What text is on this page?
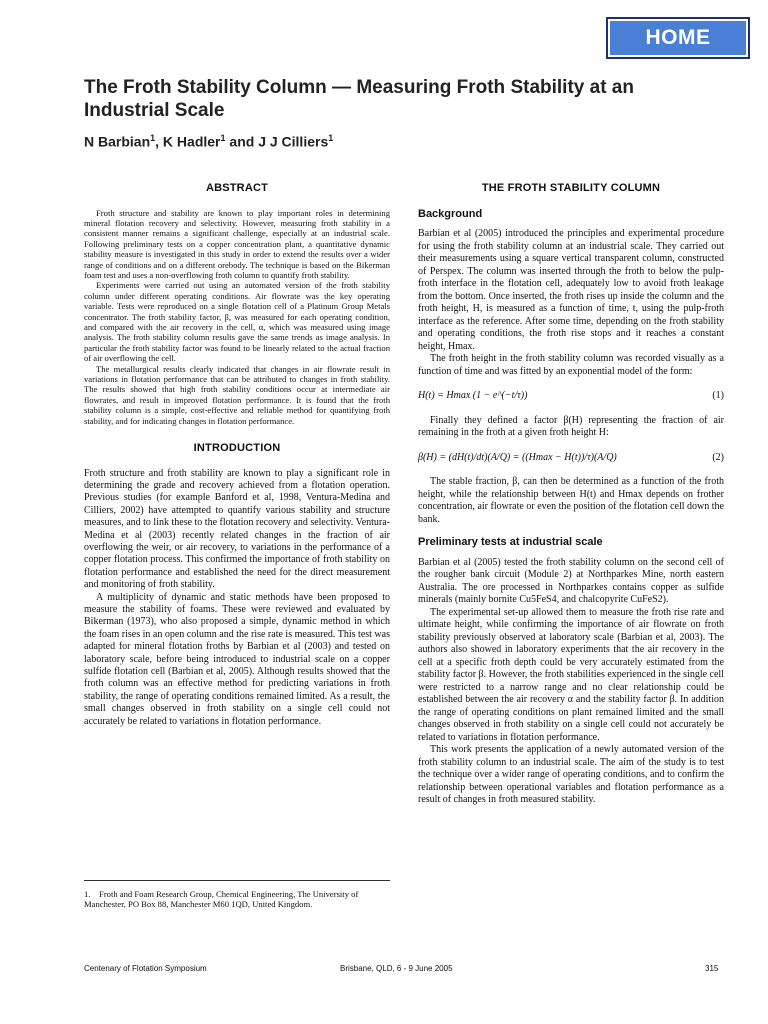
HOME
The Froth Stability Column — Measuring Froth Stability at an Industrial Scale
N Barbian$^1$, K Hadler$^1$ and J J Cilliers$^1$
ABSTRACT

Froth structure and stability are known to play important roles in determining mineral flotation recovery and selectivity. However, measuring froth stability in a consistent manner remains a significant challenge, especially at an industrial scale. Following preliminary tests on a copper concentration plant, a quantitative dynamic stability measure is investigated in this study in order to extend the results over a wider range of conditions and on a different orebody. The technique is based on the Bikerman foam test and uses a non-overflowing froth column to quantify froth stability.

Experiments were carried out using an automated version of the froth stability column under different operating conditions. Air flowrate was the key operating variable. Tests were reproduced on a single flotation cell of a Platinum Group Metals concentrator. The froth stability factor, β, was measured for each operating condition, and compared with the air recovery in the cell, α, which was measured using image analysis. The froth stability column results gave the same trends as image analysis. In particular the froth stability factor was found to be linearly related to the actual fraction of air overflowing the cell.

The metallurgical results clearly indicated that changes in air flowrate result in variations in flotation performance that can be attributed to changes in froth stability. The results showed that high froth stability conditions occur at intermediate air flowrates, and result in improved flotation performance. It is found that the froth stability column is a simple, cost-effective and reliable method for quantifying froth stability, and for indicating changes in flotation performance.

INTRODUCTION

Froth structure and froth stability are known to play a significant role in determining the grade and recovery achieved from a flotation operation. Previous studies (for example Banford et al, 1998, Ventura-Medina and Cilliers, 2002) have attempted to quantify various stability and structure measures, and to link these to the flotation recovery and selectivity. Ventura-Medina et al (2003) recently related changes in the fraction of air overflowing the weir, or air recovery, to variations in the performance of a copper flotation process. This confirmed the importance of froth stability on flotation performance and established the need for the direct measurement and monitoring of froth stability.

A multiplicity of dynamic and static methods have been proposed to measure the stability of foams. These were reviewed and evaluated by Bikerman (1973), who also proposed a simple, dynamic method in which the foam rises in an open column and the rise rate is measured. This test was adapted for mineral flotation froths by Barbian et al (2003) and tested on laboratory scale, before being introduced to industrial scale on a copper sulfide flotation cell (Barbian et al, 2005). Although results showed that the froth column was an effective method for predicting variations in froth stability, the range of operating conditions remained limited. As a result, the small changes observed in froth stability on a single cell could not accurately be related to variations in flotation performance.

1. Froth and Foam Research Group, Chemical Engineering, The University of Manchester, PO Box 88, Manchester M60 1QD, United Kingdom.
THE FROTH STABILITY COLUMN
Background

Barbian et al (2005) introduced the principles and experimental procedure for using the froth stability column at an industrial scale. They carried out their measurements using a square vertical transparent column, constructed of Perspex. The column was inserted through the froth to below the pulp-froth interface in the flotation cell, adequately low to avoid froth leakage from the bottom. Once inserted, the froth rises up inside the column and the froth height, H, is measured as a function of time, t, using the pulp-froth interface as the reference. After some time, depending on the froth stability and operating conditions, the froth rise stops and it reaches a constant height, Hmax.

The froth height in the froth stability column was recorded visually as a function of time and was fitted by an exponential model of the form:

H(t) = Hmax (1 − e^(−t/τ))	(1)

Finally they defined a factor β(H) representing the fraction of air remaining in the froth at a given froth height H:

β(H) = (dH(t)/dt)(A/Q) = ((Hmax − H(t))/τ)(A/Q)	(2)

The stable fraction, β, can then be determined as a function of the froth height, while the relationship between H(t) and Hmax depends on frother concentration, air flowrate or even the position of the flotation cell down the bank.

Preliminary tests at industrial scale

Barbian et al (2005) tested the froth stability column on the second cell of the rougher bank circuit (Module 2) at Northparkes Mine, north eastern Australia. The ore processed in Northparkes contains copper as sulfide minerals (mainly bornite Cu5FeS4, and chalcopyrite CuFeS2).

The experimental set-up allowed them to measure the froth rise rate and ultimate height, while confirming the importance of air flowrate on froth stability previously observed at laboratory scale (Barbian et al, 2003). The authors also showed in laboratory experiments that the air recovery in the cell at a specific froth depth could be very accurately estimated from the stability factor β. However, the froth stabilities experienced in the single cell were restricted to a narrow range and no clear relationship could be established between the air recovery α and the stability factor β. In addition the range of operating conditions on plant remained limited and the small changes observed in froth stability on a single cell could not accurately be related to variations in flotation performance.

This work presents the application of a newly automated version of the froth stability column to an industrial scale. The aim of the study is to test the technique over a wider range of operating conditions, and to confirm the relationship between operational variables and flotation performance as a result of changes in froth measured stability.

Centenary of Flotation Symposium	Brisbane, QLD, 6 - 9 June 2005	315
